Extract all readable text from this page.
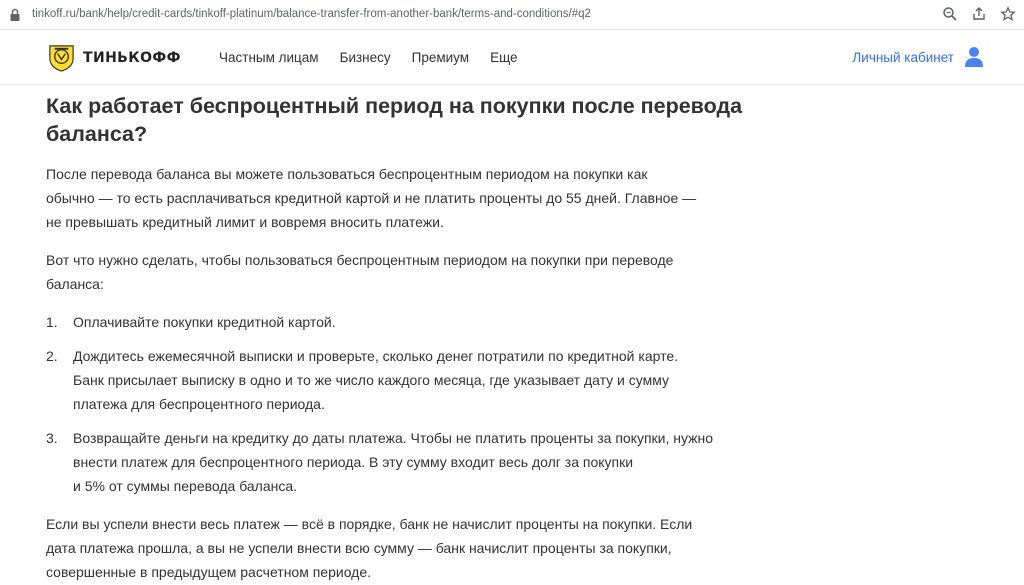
tinkoff.ru/bank/help/credit-cards/tinkoff-platinum/balance-transfer-from-another-bank/terms-and-conditions/#q2
ТИНЬКОФФ	Частным лицам Бизнесу Премиум Еще	Личный кабинет
Как работает беспроцентный период на покупки после перевода
баланса?

После перевода баланса вы можете пользоваться беспроцентным периодом на покупки как
обычно — то есть расплачиваться кредитной картой и не платить проценты до 55 дней. Главное —
не превышать кредитный лимит и вовремя вносить платежи.

Вот что нужно сделать, чтобы пользоваться беспроцентным периодом на покупки при переводе
баланса:

1. Оплачивайте покупки кредитной картой.
2. Дождитесь ежемесячной выписки и проверьте, сколько денег потратили по кредитной карте.
Банк присылает выписку в одно и то же число каждого месяца, где указывает дату и сумму
платежа для беспроцентного периода.
3. Возвращайте деньги на кредитку до даты платежа. Чтобы не платить проценты за покупки, нужно
внести платеж для беспроцентного периода. В эту сумму входит весь долг за покупки
и 5% от суммы перевода баланса.

Если вы успели внести весь платеж — всё в порядке, банк не начислит проценты на покупки. Если
дата платежа прошла, а вы не успели внести всю сумму — банк начислит проценты за покупки,
совершенные в предыдущем расчетном периоде.
